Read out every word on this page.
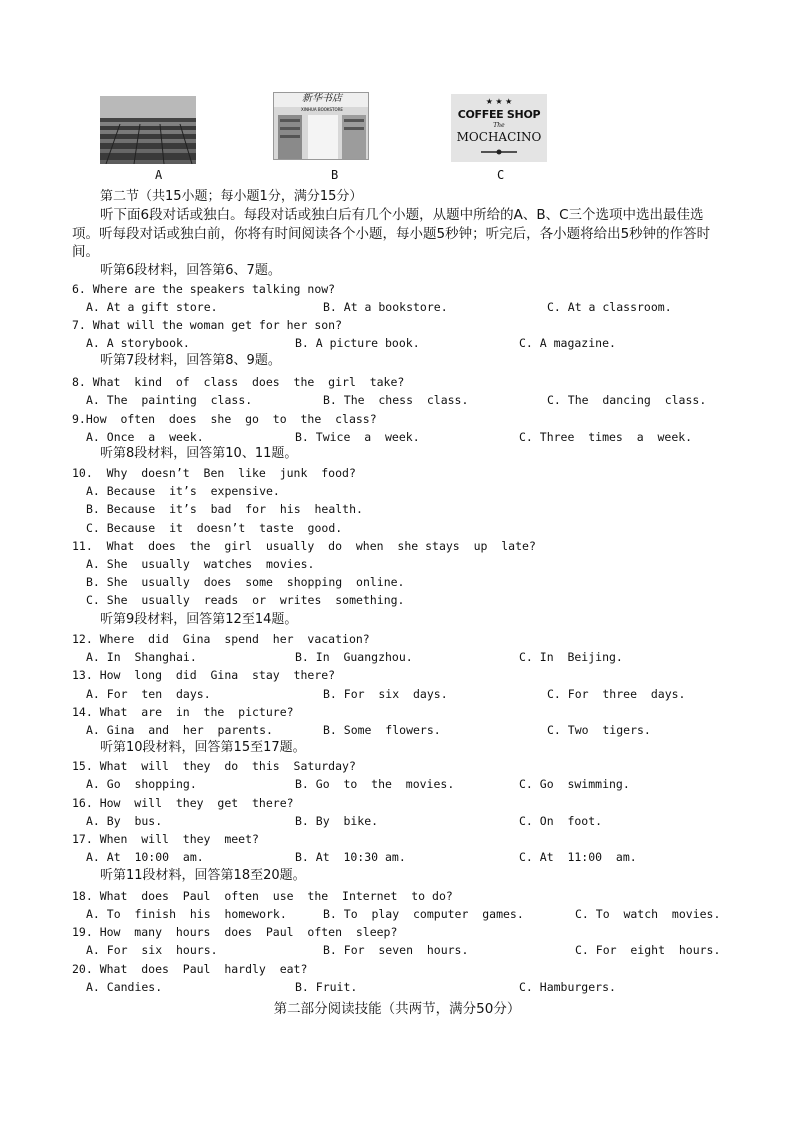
A
新华书店
XINHUA BOOKSTORE
B
★ ★ ★
COFFEE SHOP
The
MOCHACINO
C
第二节（共15小题；每小题1分，满分15分）
听下面6段对话或独白。每段对话或独白后有几个小题，从题中所给的A、B、C三个选项中选出最佳选项。听每段对话或独白前，你将有时间阅读各个小题，每小题5秒钟；听完后，各小题将给出5秒钟的作答时间。
听第6段材料，回答第6、7题。
听第7段材料，回答第8、9题。
听第8段材料，回答第10、11题。
听第9段材料，回答第12至14题。
听第10段材料，回答第15至17题。
听第11段材料，回答第18至20题。
6. Where are the speakers talking now?
A. At a gift store.	B. At a bookstore.	C. At a classroom.
7. What will the woman get for her son?
A. A storybook.	B. A picture book.	C. A magazine.
8. What  kind  of  class  does  the  girl  take?
A. The  painting  class.	B. The  chess  class.	C. The  dancing  class.
9.How  often  does  she  go  to  the  class?
A. Once  a  week.	B. Twice  a  week.	C. Three  times  a  week.
10.  Why  doesn’t  Ben  like  junk  food?
A. Because  it’s  expensive.
B. Because  it’s  bad  for  his  health.
C. Because  it  doesn’t  taste  good.
11.  What  does  the  girl  usually  do  when  she stays  up  late?
A. She  usually  watches  movies.
B. She  usually  does  some  shopping  online.
C. She  usually  reads  or  writes  something.
12. Where  did  Gina  spend  her  vacation?
A. In  Shanghai.	B. In  Guangzhou.	C. In  Beijing.
13. How  long  did  Gina  stay  there?
A. For  ten  days.	B. For  six  days.	C. For  three  days.
14. What  are  in  the  picture?
A. Gina  and  her  parents.	B. Some  flowers.	C. Two  tigers.
15. What  will  they  do  this  Saturday?
A. Go  shopping.	B. Go  to  the  movies.	C. Go  swimming.
16. How  will  they  get  there?
A. By  bus.	B. By  bike.	C. On  foot.
17. When  will  they  meet?
A. At  10:00  am.	B. At  10:30 am.	C. At  11:00  am.
18. What  does  Paul  often  use  the  Internet  to do?
A. To  finish  his  homework.	B. To  play  computer  games.	C. To  watch  movies.
19. How  many  hours  does  Paul  often  sleep?
A. For  six  hours.	B. For  seven  hours.	C. For  eight  hours.
20. What  does  Paul  hardly  eat?
A. Candies.	B. Fruit.	C. Hamburgers.
第二部分阅读技能（共两节，满分50分）
